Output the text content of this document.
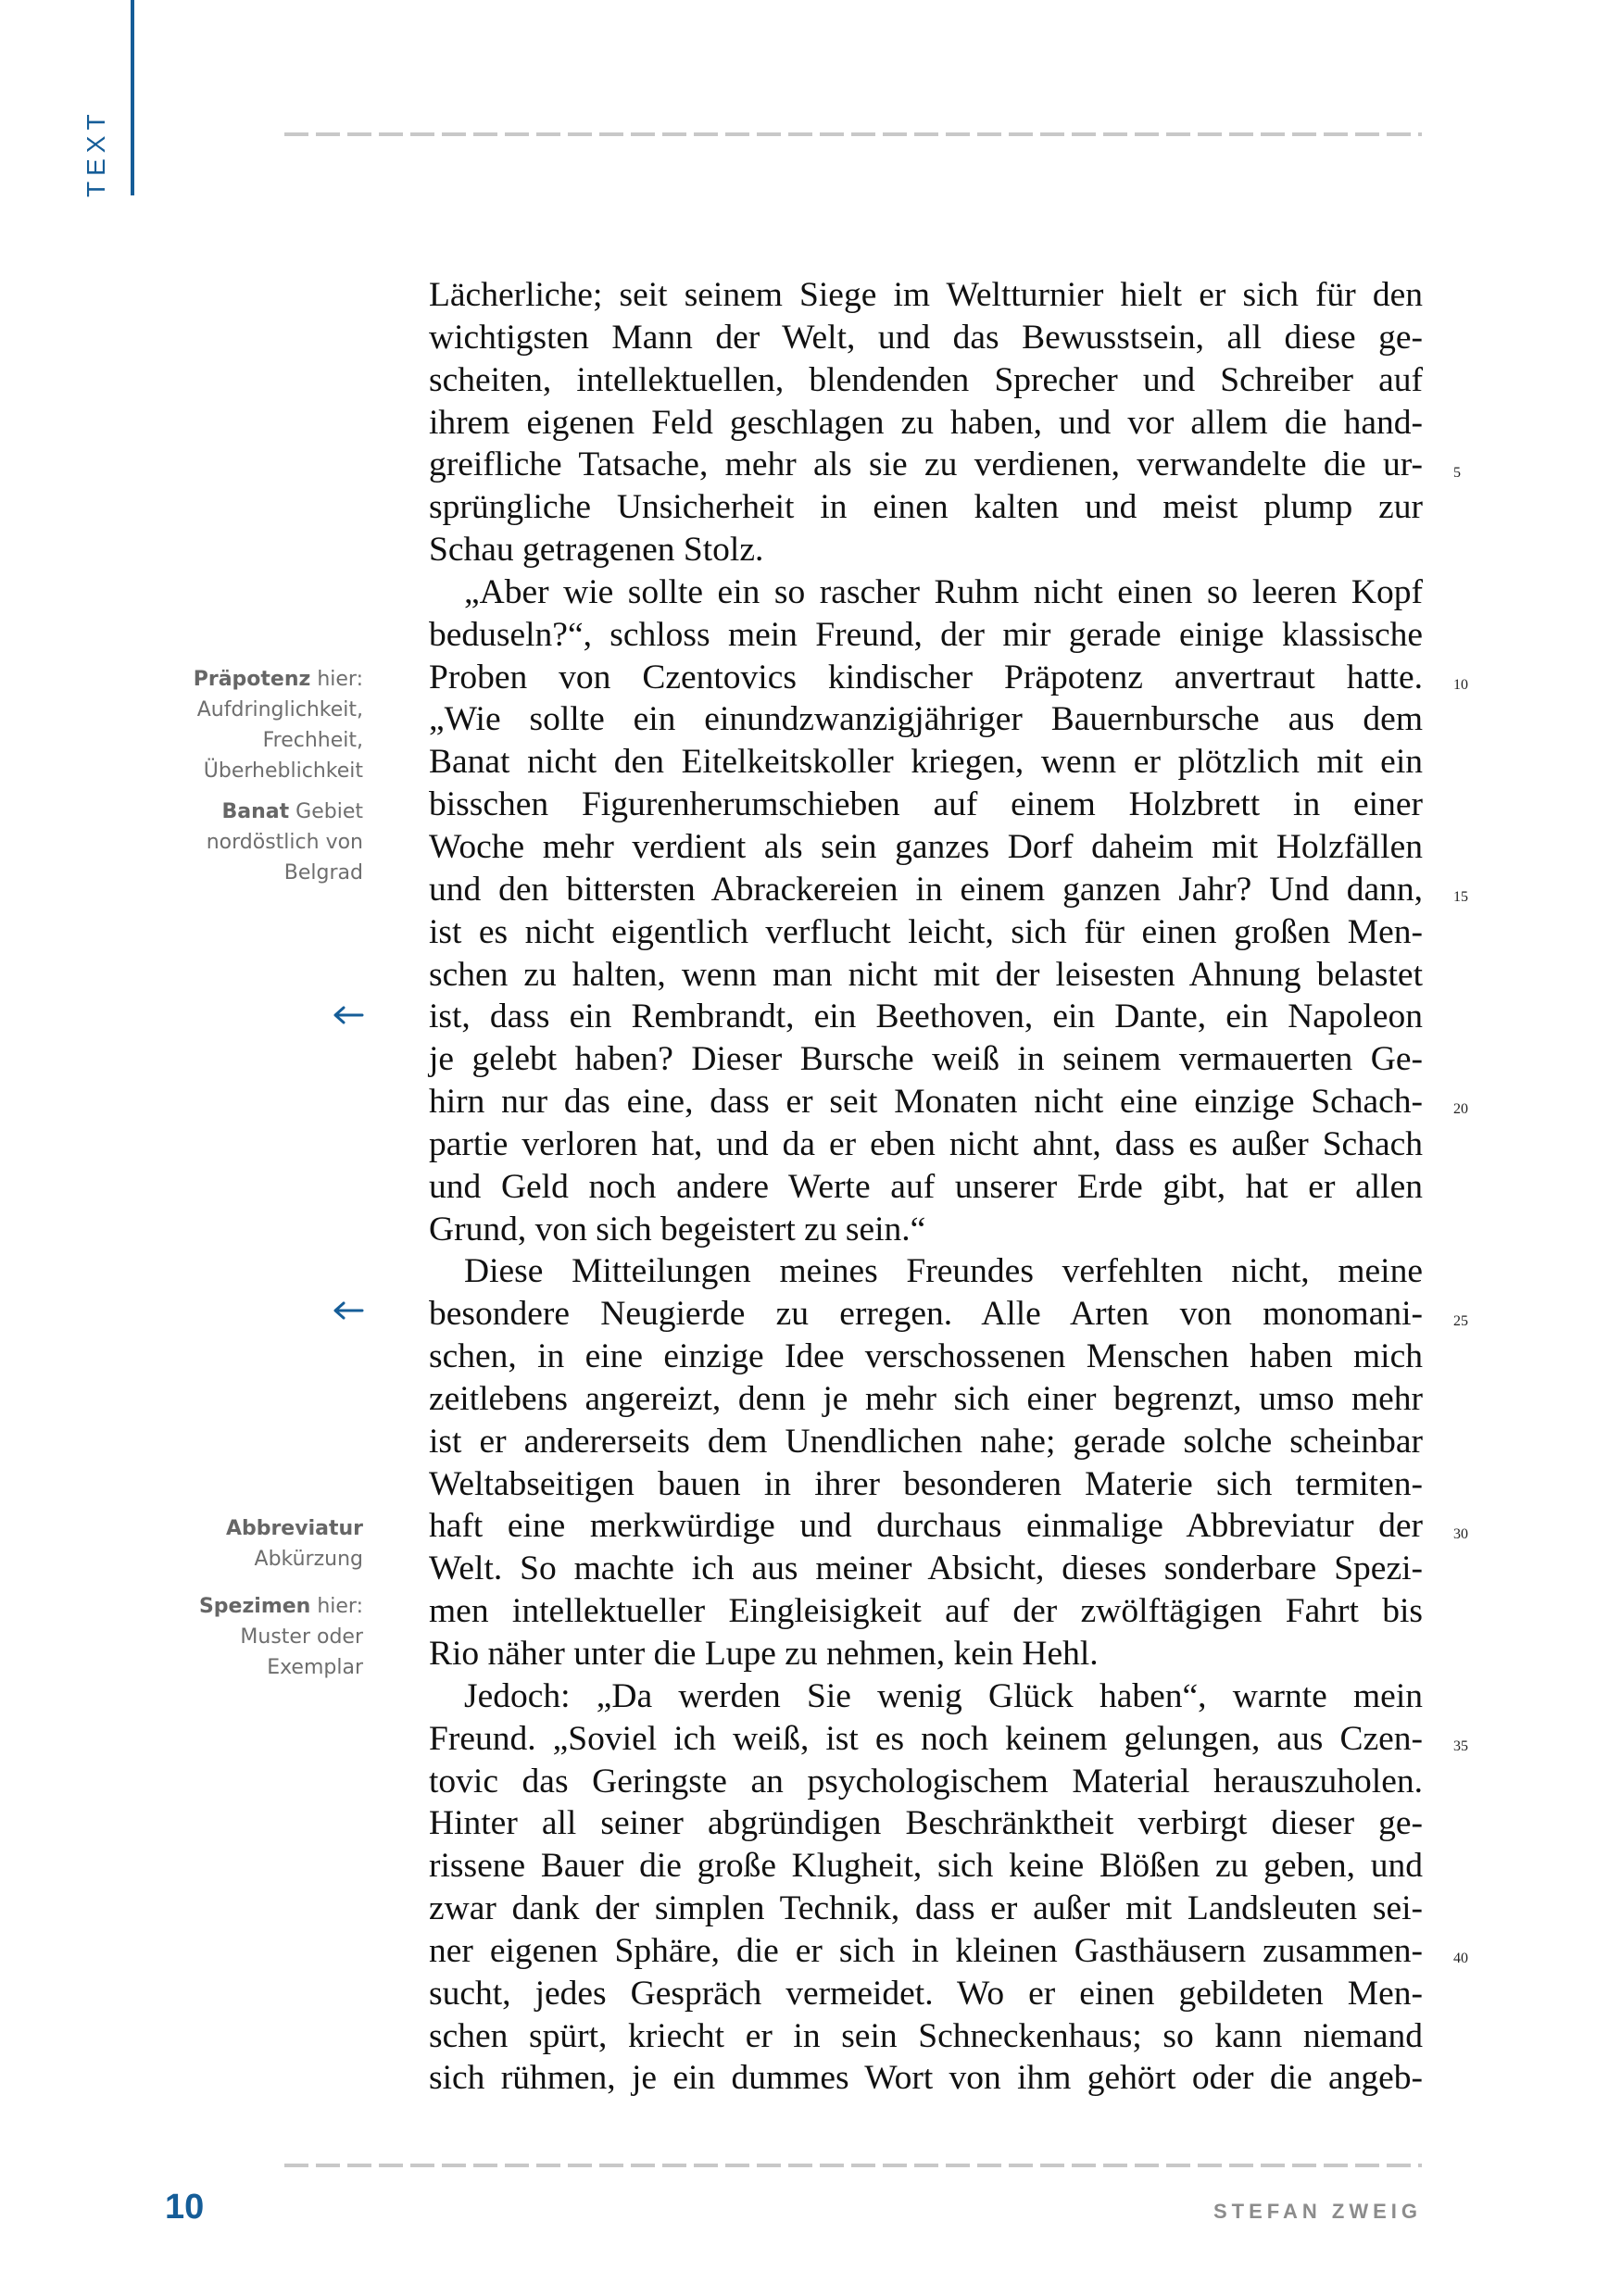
TEXT
Präpotenz hier: Aufdringlichkeit, Frechheit, Überheblichkeit
Banat Gebiet nordöstlich von Belgrad
Abbreviatur Abkürzung
Spezimen hier: Muster oder Exemplar
Lächerliche; seit seinem Siege im Weltturnier hielt er sich für den
wichtigsten Mann der Welt, und das Bewusstsein, all diese ge-
scheiten, intellektuellen, blendenden Sprecher und Schreiber auf
ihrem eigenen Feld geschlagen zu haben, und vor allem die hand-
greifliche Tatsache, mehr als sie zu verdienen, verwandelte die ur-
sprüngliche Unsicherheit in einen kalten und meist plump zur
Schau getragenen Stolz.
„Aber wie sollte ein so rascher Ruhm nicht einen so leeren Kopf
beduseln?“, schloss mein Freund, der mir gerade einige klassische
Proben von Czentovics kindischer Präpotenz anvertraut hatte.
„Wie sollte ein einundzwanzigjähriger Bauernbursche aus dem
Banat nicht den Eitelkeitskoller kriegen, wenn er plötzlich mit ein
bisschen Figurenherumschieben auf einem Holzbrett in einer
Woche mehr verdient als sein ganzes Dorf daheim mit Holzfällen
und den bittersten Abrackereien in einem ganzen Jahr? Und dann,
ist es nicht eigentlich verflucht leicht, sich für einen großen Men-
schen zu halten, wenn man nicht mit der leisesten Ahnung belastet
ist, dass ein Rembrandt, ein Beethoven, ein Dante, ein Napoleon
je gelebt haben? Dieser Bursche weiß in seinem vermauerten Ge-
hirn nur das eine, dass er seit Monaten nicht eine einzige Schach-
partie verloren hat, und da er eben nicht ahnt, dass es außer Schach
und Geld noch andere Werte auf unserer Erde gibt, hat er allen
Grund, von sich begeistert zu sein.“
Diese Mitteilungen meines Freundes verfehlten nicht, meine
besondere Neugierde zu erregen. Alle Arten von monomani-
schen, in eine einzige Idee verschossenen Menschen haben mich
zeitlebens angereizt, denn je mehr sich einer begrenzt, umso mehr
ist er andererseits dem Unendlichen nahe; gerade solche scheinbar
Weltabseitigen bauen in ihrer besonderen Materie sich termiten-
haft eine merkwürdige und durchaus einmalige Abbreviatur der
Welt. So machte ich aus meiner Absicht, dieses sonderbare Spezi-
men intellektueller Eingleisigkeit auf der zwölftägigen Fahrt bis
Rio näher unter die Lupe zu nehmen, kein Hehl.
Jedoch: „Da werden Sie wenig Glück haben“, warnte mein
Freund. „Soviel ich weiß, ist es noch keinem gelungen, aus Czen-
tovic das Geringste an psychologischem Material herauszuholen.
Hinter all seiner abgründigen Beschränktheit verbirgt dieser ge-
rissene Bauer die große Klugheit, sich keine Blößen zu geben, und
zwar dank der simplen Technik, dass er außer mit Landsleuten sei-
ner eigenen Sphäre, die er sich in kleinen Gasthäusern zusammen-
sucht, jedes Gespräch vermeidet. Wo er einen gebildeten Men-
schen spürt, kriecht er in sein Schneckenhaus; so kann niemand
sich rühmen, je ein dummes Wort von ihm gehört oder die angeb-
5
10
15
20
25
30
35
40
10	STEFAN ZWEIG
